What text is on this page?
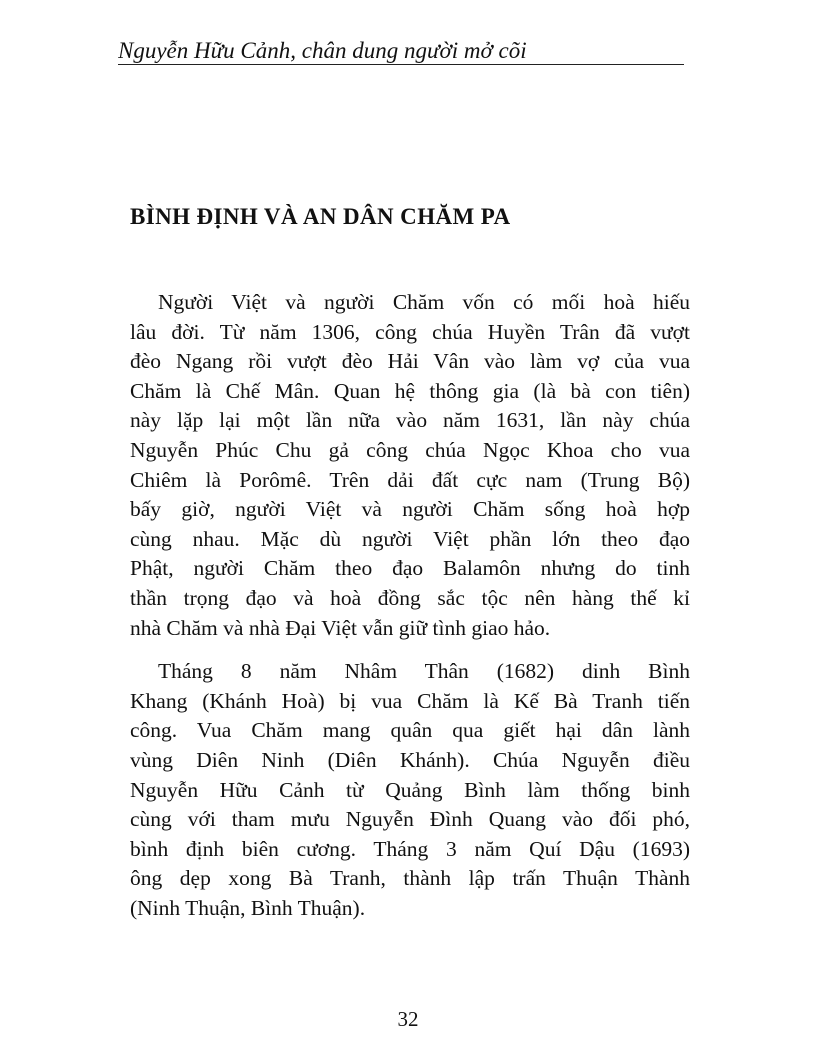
Nguyễn Hữu Cảnh, chân dung người mở cõi
BÌNH ĐỊNH VÀ AN DÂN CHĂM PA

Người Việt và người Chăm vốn có mối hoà hiếu
lâu đời. Từ năm 1306, công chúa Huyền Trân đã vượt
đèo Ngang rồi vượt đèo Hải Vân vào làm vợ của vua
Chăm là Chế Mân. Quan hệ thông gia (là bà con tiên)
này lặp lại một lần nữa vào năm 1631, lần này chúa
Nguyễn Phúc Chu gả công chúa Ngọc Khoa cho vua
Chiêm là Porômê. Trên dải đất cực nam (Trung Bộ)
bấy giờ, người Việt và người Chăm sống hoà hợp
cùng nhau. Mặc dù người Việt phần lớn theo đạo
Phật, người Chăm theo đạo Balamôn nhưng do tinh
thần trọng đạo và hoà đồng sắc tộc nên hàng thế kỉ
nhà Chăm và nhà Đại Việt vẫn giữ tình giao hảo.

Tháng 8 năm Nhâm Thân (1682) dinh Bình
Khang (Khánh Hoà) bị vua Chăm là Kế Bà Tranh tiến
công. Vua Chăm mang quân qua giết hại dân lành
vùng Diên Ninh (Diên Khánh). Chúa Nguyễn điều
Nguyễn Hữu Cảnh từ Quảng Bình làm thống binh
cùng với tham mưu Nguyễn Đình Quang vào đối phó,
bình định biên cương. Tháng 3 năm Quí Dậu (1693)
ông dẹp xong Bà Tranh, thành lập trấn Thuận Thành
(Ninh Thuận, Bình Thuận).

32
